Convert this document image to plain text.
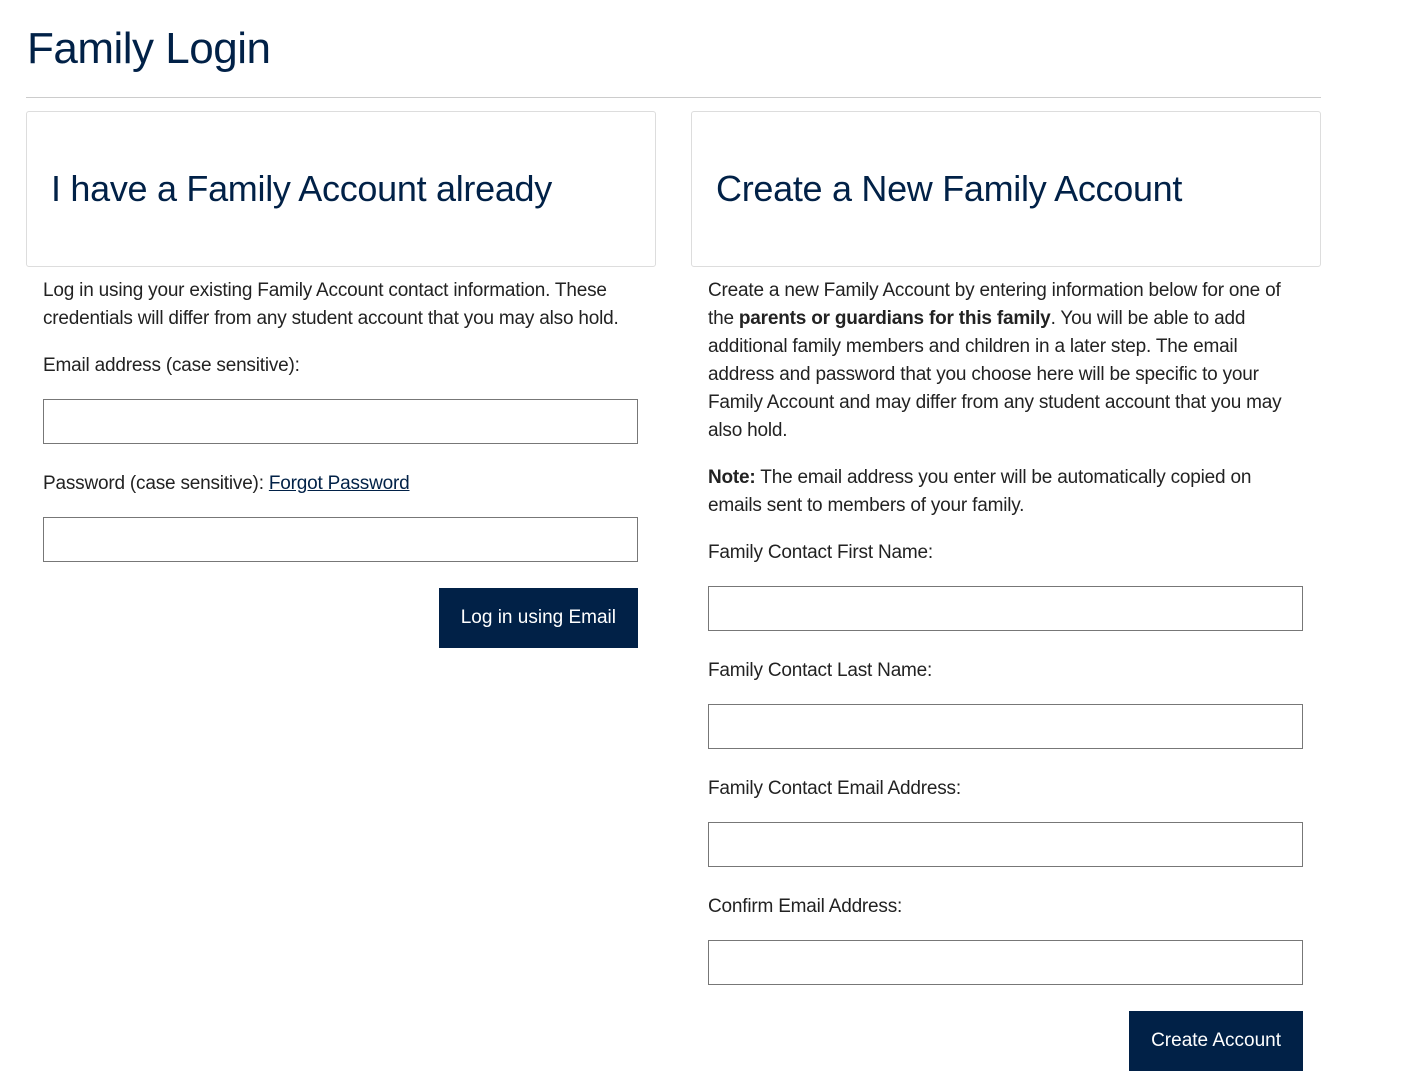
Family Login
I have a Family Account already

Log in using your existing Family Account contact information. These credentials will differ from any student account that you may also hold.

Email address (case sensitive):

Password (case sensitive): Forgot Password

Log in using Email
Create a New Family Account

Create a new Family Account by entering information below for one of the parents or guardians for this family. You will be able to add additional family members and children in a later step. The email address and password that you choose here will be specific to your Family Account and may differ from any student account that you may also hold.

Note: The email address you enter will be automatically copied on emails sent to members of your family.

Family Contact First Name:

Family Contact Last Name:

Family Contact Email Address:

Confirm Email Address:

Create Account
